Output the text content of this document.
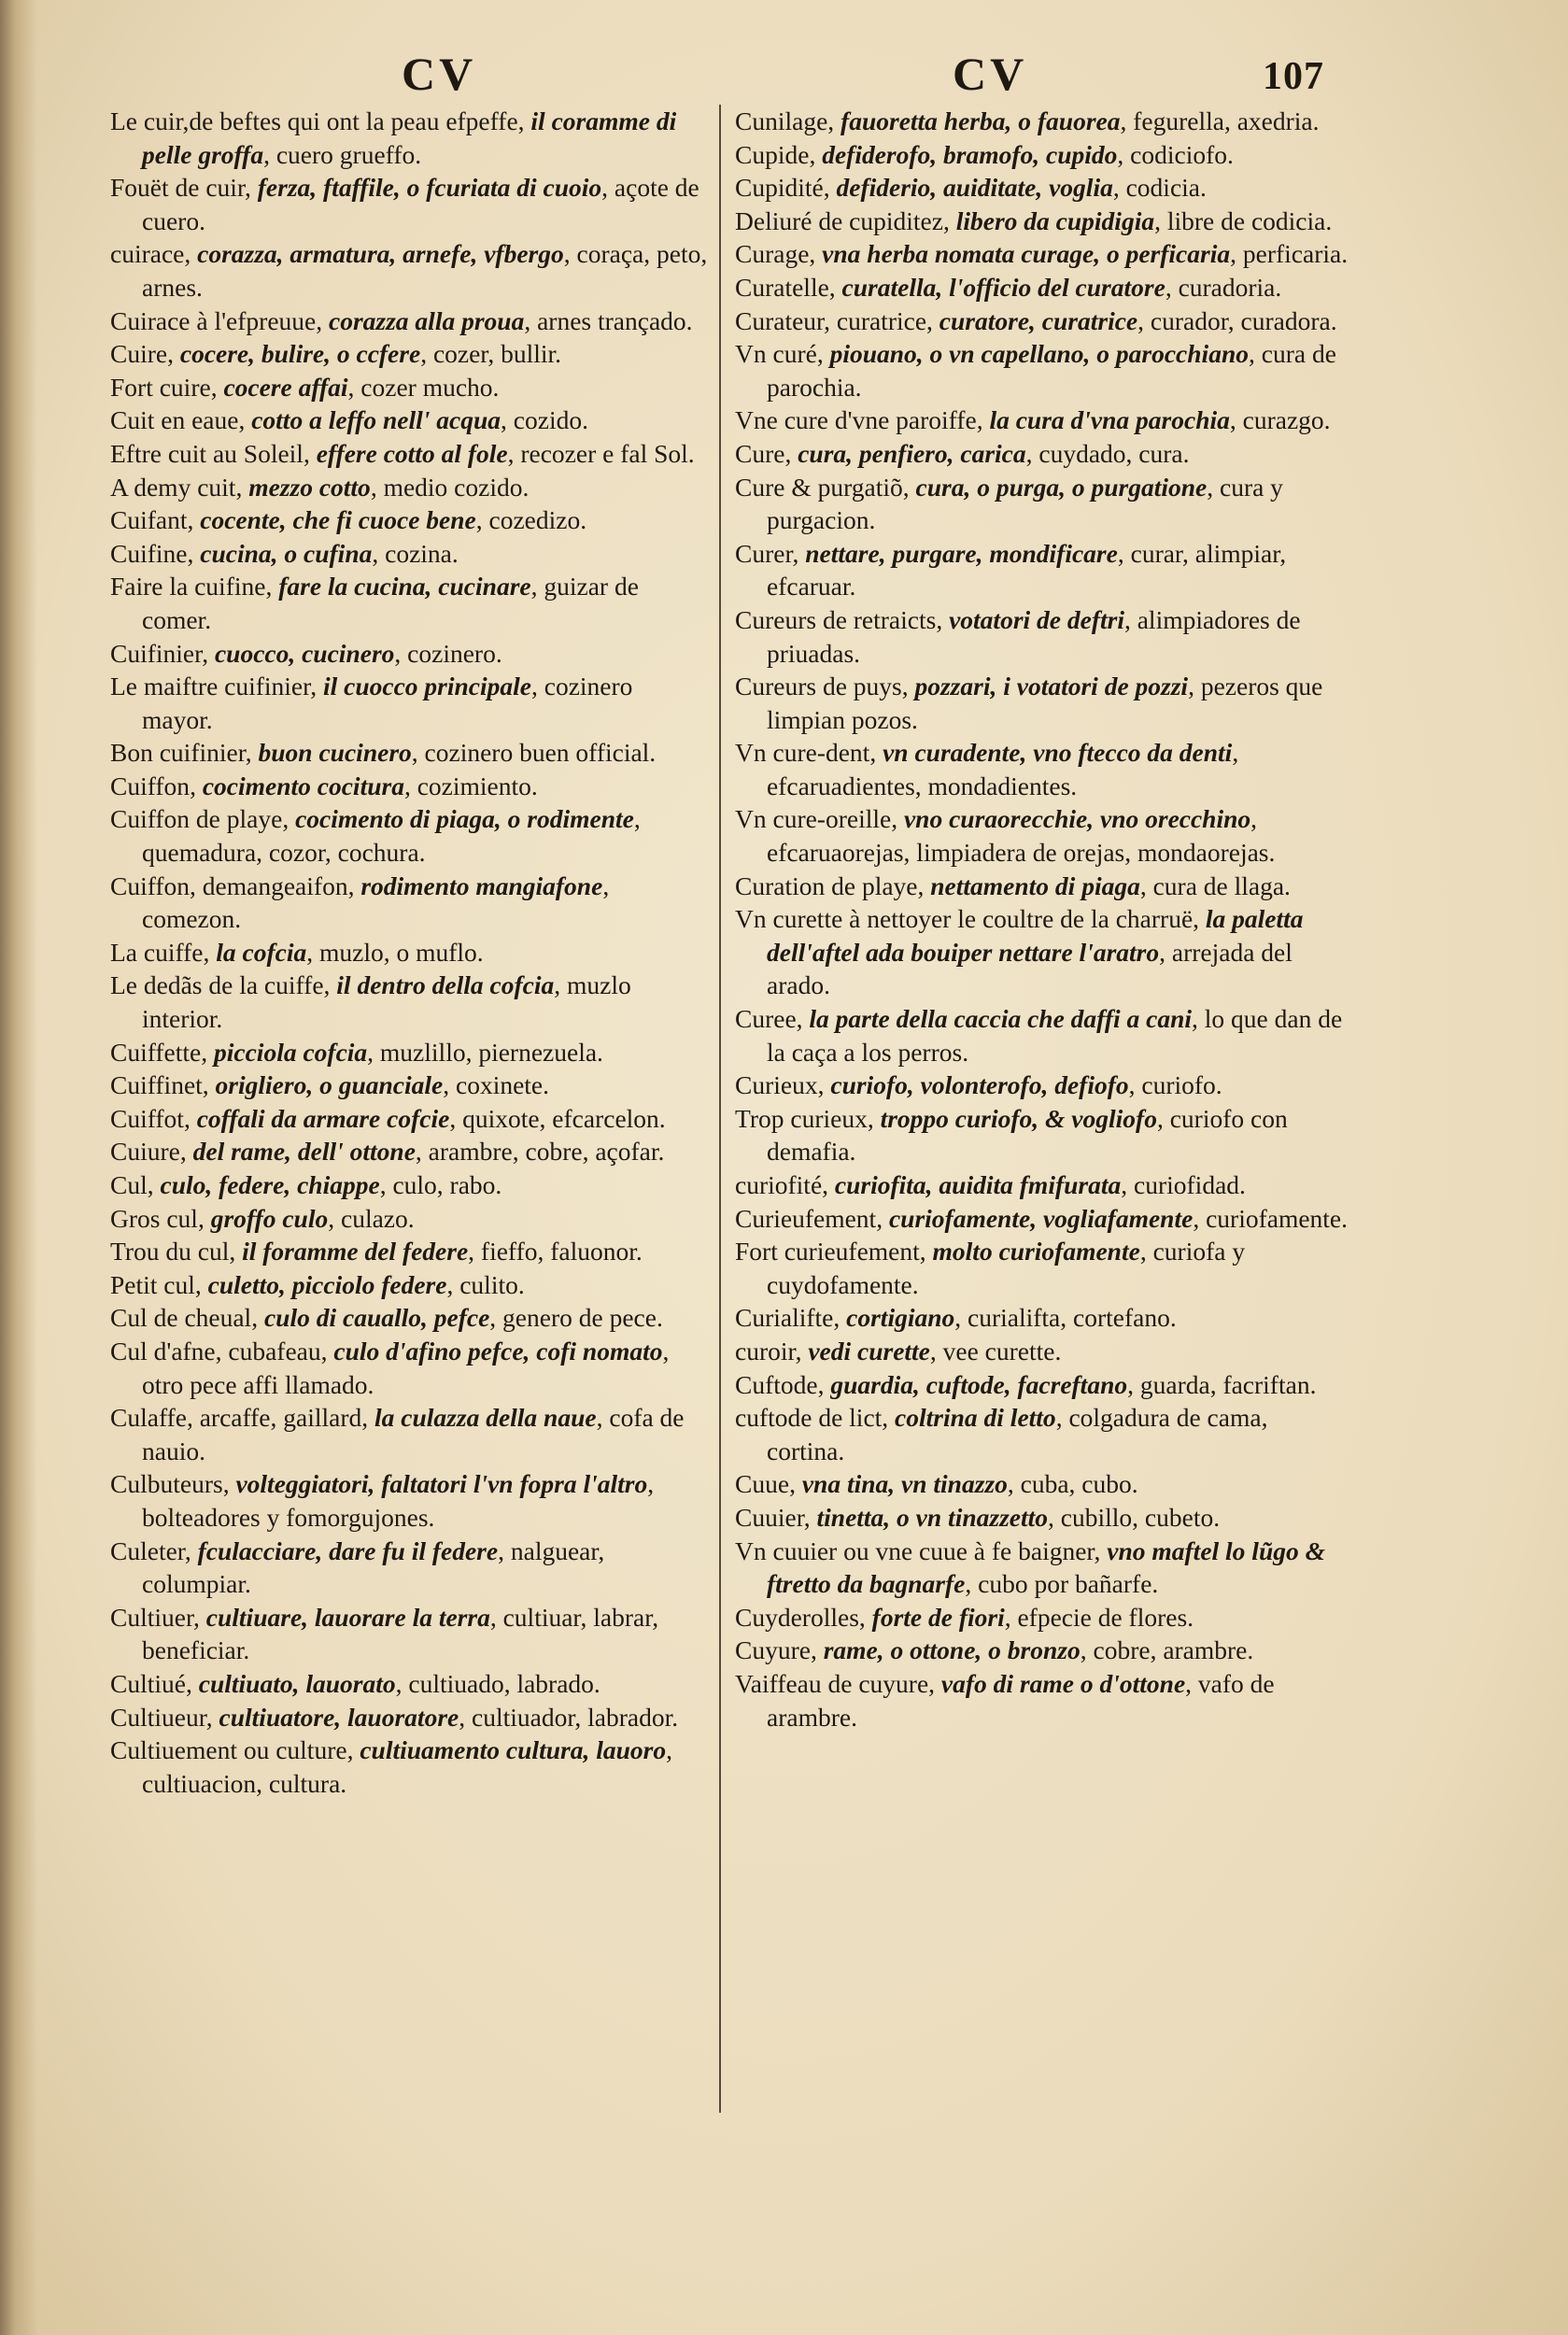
CV	CV	107

Le cuir,de beftes qui ont la peau efpeffe, il coramme di pelle groffa, cuero grueffo.

Fouët de cuir, ferza, ftaffile, o fcuriata di cuoio, açote de cuero.

cuirace, corazza, armatura, arnefe, vfbergo, coraça, peto, arnes.

Cuirace à l'efpreuue, corazza alla proua, arnes trançado.

Cuire, cocere, bulire, o ccfere, cozer, bullir.

Fort cuire, cocere affai, cozer mucho.

Cuit en eaue, cotto a leffo nell' acqua, cozido.

Eftre cuit au Soleil, effere cotto al fole, recozer e fal Sol.

A demy cuit, mezzo cotto, medio cozido.

Cuifant, cocente, che fi cuoce bene, cozedizo.

Cuifine, cucina, o cufina, cozina.

Faire la cuifine, fare la cucina, cucinare, guizar de comer.

Cuifinier, cuocco, cucinero, cozinero.

Le maiftre cuifinier, il cuocco principale, cozinero mayor.

Bon cuifinier, buon cucinero, cozinero buen official.

Cuiffon, cocimento cocitura, cozimiento.

Cuiffon de playe, cocimento di piaga, o rodimente, quemadura, cozor, cochura.

Cuiffon, demangeaifon, rodimento mangiafone, comezon.

La cuiffe, la cofcia, muzlo, o muflo.

Le dedãs de la cuiffe, il dentro della cofcia, muzlo interior.

Cuiffette, picciola cofcia, muzlillo, piernezuela.

Cuiffinet, origliero, o guanciale, coxinete.

Cuiffot, coffali da armare cofcie, quixote, efcarcelon.

Cuiure, del rame, dell' ottone, arambre, cobre, açofar.

Cul, culo, federe, chiappe, culo, rabo.

Gros cul, groffo culo, culazo.

Trou du cul, il foramme del federe, fieffo, faluonor.

Petit cul, culetto, picciolo federe, culito.

Cul de cheual, culo di cauallo, pefce, genero de pece.

Cul d'afne, cubafeau, culo d'afino pefce, cofi nomato, otro pece affi llamado.

Culaffe, arcaffe, gaillard, la culazza della naue, cofa de nauio.

Culbuteurs, volteggiatori, faltatori l'vn fopra l'altro, bolteadores y fomorgujones.

Culeter, fculacciare, dare fu il federe, nalguear, columpiar.

Cultiuer, cultiuare, lauorare la terra, cultiuar, labrar, beneficiar.

Cultiué, cultiuato, lauorato, cultiuado, labrado.

Cultiueur, cultiuatore, lauoratore, cultiuador, labrador.

Cultiuement ou culture, cultiuamento cultura, lauoro, cultiuacion, cultura.

Cunilage, fauoretta herba, o fauorea, fegurella, axedria.

Cupide, defiderofo, bramofo, cupido, codiciofo.

Cupidité, defiderio, auiditate, voglia, codicia.

Deliuré de cupiditez, libero da cupidigia, libre de codicia.

Curage, vna herba nomata curage, o perficaria, perficaria.

Curatelle, curatella, l'officio del curatore, curadoria.

Curateur, curatrice, curatore, curatrice, curador, curadora.

Vn curé, piouano, o vn capellano, o parocchiano, cura de parochia.

Vne cure d'vne paroiffe, la cura d'vna parochia, curazgo.

Cure, cura, penfiero, carica, cuydado, cura.

Cure & purgatiõ, cura, o purga, o purgatione, cura y purgacion.

Curer, nettare, purgare, mondificare, curar, alimpiar, efcaruar.

Cureurs de retraicts, votatori de deftri, alimpiadores de priuadas.

Cureurs de puys, pozzari, i votatori de pozzi, pezeros que limpian pozos.

Vn cure-dent, vn curadente, vno ftecco da denti, efcaruadientes, mondadientes.

Vn cure-oreille, vno curaorecchie, vno orecchino, efcaruaorejas, limpiadera de orejas, mondaorejas.

Curation de playe, nettamento di piaga, cura de llaga.

Vn curette à nettoyer le coultre de la charruë, la paletta dell'aftel ada bouiper nettare l'aratro, arrejada del arado.

Curee, la parte della caccia che daffi a cani, lo que dan de la caça a los perros.

Curieux, curiofo, volonterofo, defiofo, curiofo.

Trop curieux, troppo curiofo, & vogliofo, curiofo con demafia.

curiofité, curiofita, auidita fmifurata, curiofidad.

Curieufement, curiofamente, vogliafamente, curiofamente.

Fort curieufement, molto curiofamente, curiofa y cuydofamente.

Curialifte, cortigiano, curialifta, cortefano.

curoir, vedi curette, vee curette.

Cuftode, guardia, cuftode, facreftano, guarda, facriftan.

cuftode de lict, coltrina di letto, colgadura de cama, cortina.

Cuue, vna tina, vn tinazzo, cuba, cubo.

Cuuier, tinetta, o vn tinazzetto, cubillo, cubeto.

Vn cuuier ou vne cuue à fe baigner, vno maftel lo lũgo & ftretto da bagnarfe, cubo por bañarfe.

Cuyderolles, forte de fiori, efpecie de flores.

Cuyure, rame, o ottone, o bronzo, cobre, arambre.

Vaiffeau de cuyure, vafo di rame o d'ottone, vafo de arambre.
